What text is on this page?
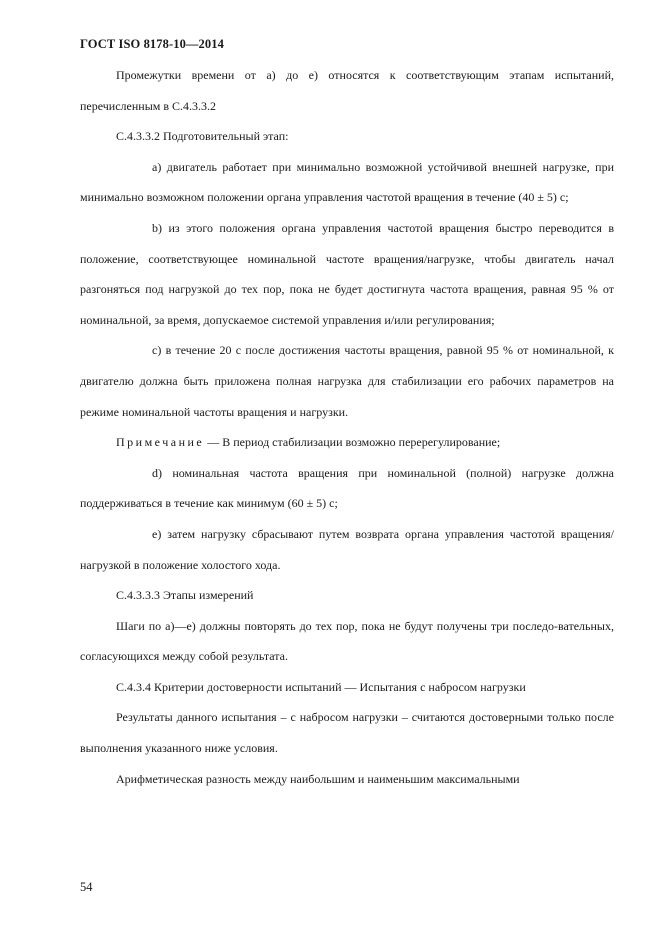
ГОСТ ISO 8178-10—2014

Промежутки времени от a) до e) относятся к соответствующим этапам испытаний, перечисленным в С.4.3.3.2

С.4.3.3.2 Подготовительный этап:

a) двигатель работает при минимально возможной устойчивой внешней нагрузке, при минимально возможном положении органа управления частотой вращения в течение (40 ± 5) с;

b) из этого положения органа управления частотой вращения быстро переводится в положение, соответствующее номинальной частоте вращения/нагрузке, чтобы двигатель начал разгоняться под нагрузкой до тех пор, пока не будет достигнута частота вращения, равная 95 % от номинальной, за время, допускаемое системой управления и/или регулирования;

c) в течение 20 с после достижения частоты вращения, равной 95 % от номинальной, к двигателю должна быть приложена полная нагрузка для стабилизации его рабочих параметров на режиме номинальной частоты вращения и нагрузки.

Примечание — В период стабилизации возможно перерегулирование;

d) номинальная частота вращения при номинальной (полной) нагрузке должна поддерживаться в течение как минимум (60 ± 5) с;

e) затем нагрузку сбрасывают путем возврата органа управления частотой вращения/нагрузкой в положение холостого хода.

С.4.3.3.3 Этапы измерений

Шаги по a)—e) должны повторять до тех пор, пока не будут получены три последо-вательных, согласующихся между собой результата.

С.4.3.4 Критерии достоверности испытаний — Испытания с набросом нагрузки

Результаты данного испытания – с набросом нагрузки – считаются достоверными только после выполнения указанного ниже условия.

Арифметическая разность между наибольшим и наименьшим максимальными

54
